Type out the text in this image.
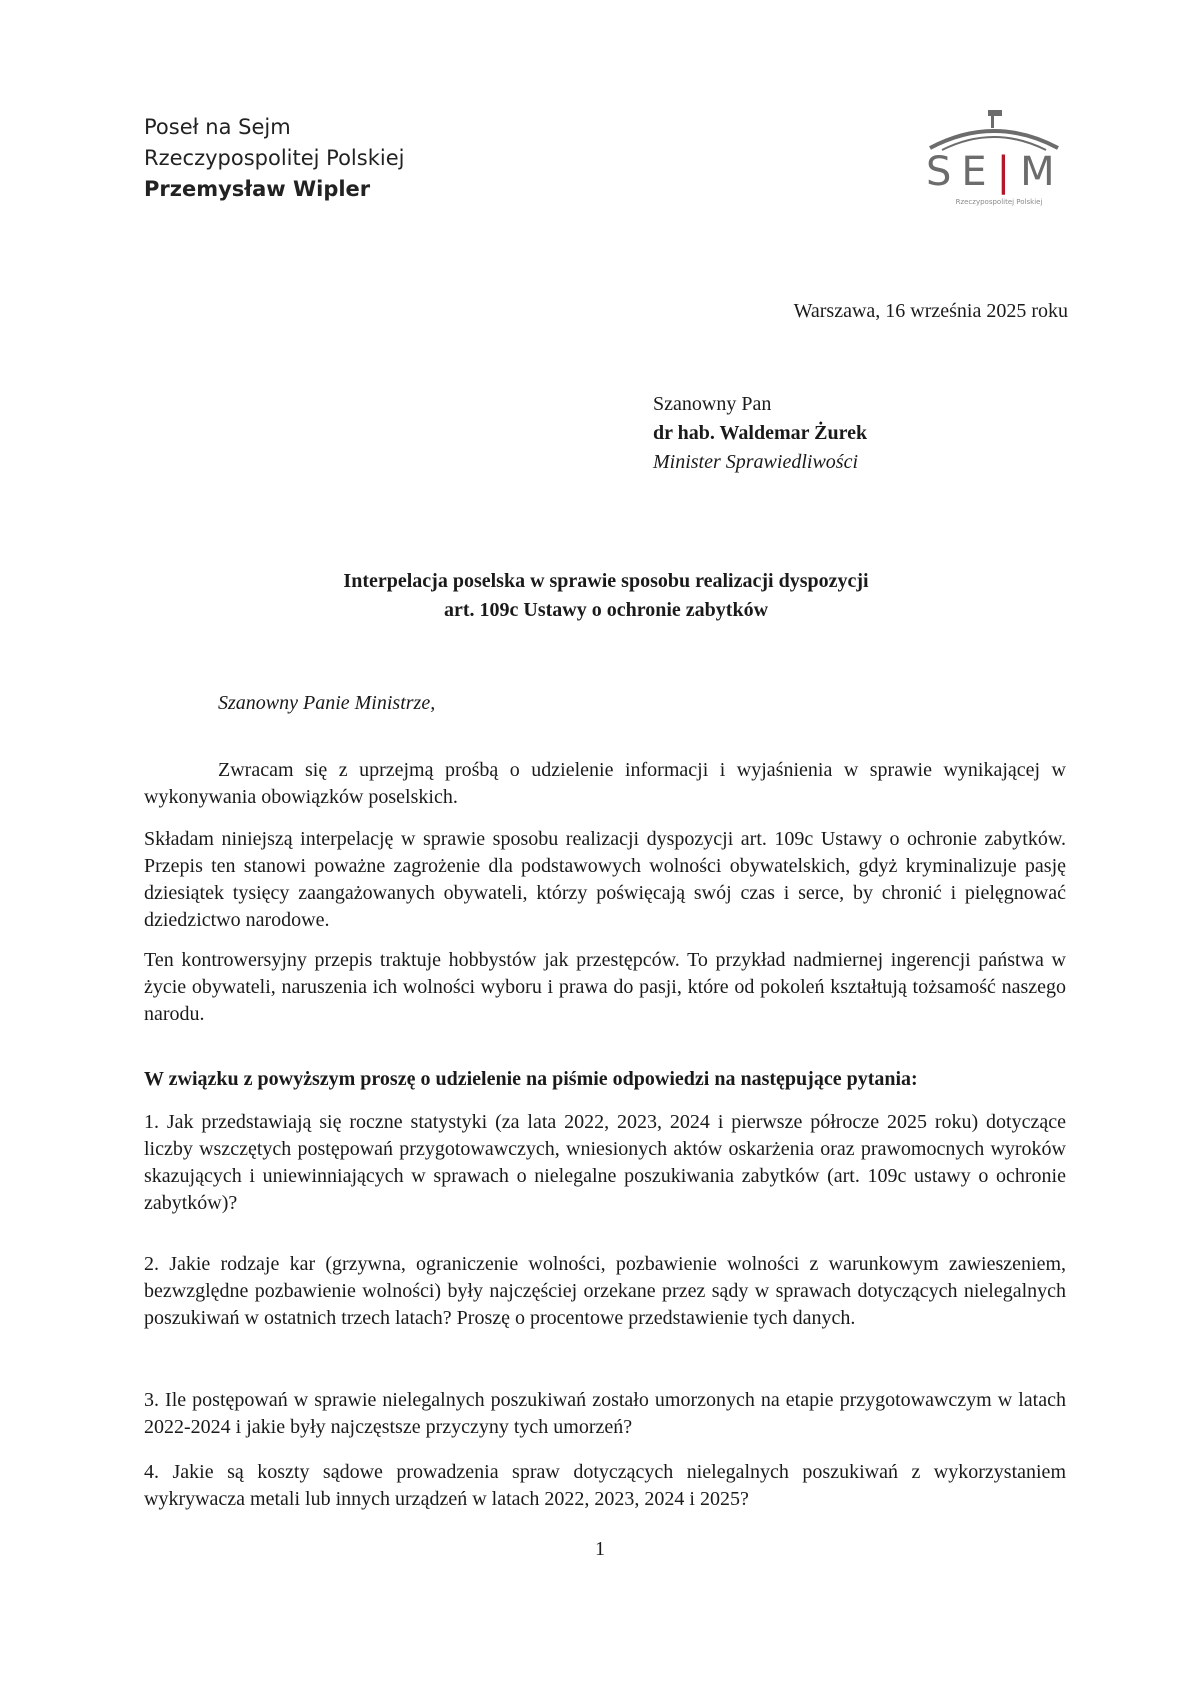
Poseł na Sejm
Rzeczypospolitej Polskiej
Przemysław Wipler	SE|M
Rzeczypospolitej Polskiej
Warszawa, 16 września 2025 roku
Szanowny Pan
dr hab. Waldemar Żurek
Minister Sprawiedliwości
Interpelacja poselska w sprawie sposobu realizacji dyspozycji
art. 109c Ustawy o ochronie zabytków
Szanowny Panie Ministrze,

Zwracam się z uprzejmą prośbą o udzielenie informacji i wyjaśnienia w sprawie wynikającej w wykonywania obowiązków poselskich.

Składam niniejszą interpelację w sprawie sposobu realizacji dyspozycji art. 109c Ustawy o ochronie zabytków. Przepis ten stanowi poważne zagrożenie dla podstawowych wolności obywatelskich, gdyż kryminalizuje pasję dziesiątek tysięcy zaangażowanych obywateli, którzy poświęcają swój czas i serce, by chronić i pielęgnować dziedzictwo narodowe.

Ten kontrowersyjny przepis traktuje hobbystów jak przestępców. To przykład nadmiernej ingerencji państwa w życie obywateli, naruszenia ich wolności wyboru i prawa do pasji, które od pokoleń kształtują tożsamość naszego narodu.

W związku z powyższym proszę o udzielenie na piśmie odpowiedzi na następujące pytania:

1. Jak przedstawiają się roczne statystyki (za lata 2022, 2023, 2024 i pierwsze półrocze 2025 roku) dotyczące liczby wszczętych postępowań przygotowawczych, wniesionych aktów oskarżenia oraz prawomocnych wyroków skazujących i uniewinniających w sprawach o nielegalne poszukiwania zabytków (art. 109c ustawy o ochronie zabytków)?

2. Jakie rodzaje kar (grzywna, ograniczenie wolności, pozbawienie wolności z warunkowym zawieszeniem, bezwzględne pozbawienie wolności) były najczęściej orzekane przez sądy w sprawach dotyczących nielegalnych poszukiwań w ostatnich trzech latach? Proszę o procentowe przedstawienie tych danych.

3. Ile postępowań w sprawie nielegalnych poszukiwań zostało umorzonych na etapie przygotowawczym w latach 2022-2024 i jakie były najczęstsze przyczyny tych umorzeń?

4. Jakie są koszty sądowe prowadzenia spraw dotyczących nielegalnych poszukiwań z wykorzystaniem wykrywacza metali lub innych urządzeń w latach 2022, 2023, 2024 i 2025?

1
